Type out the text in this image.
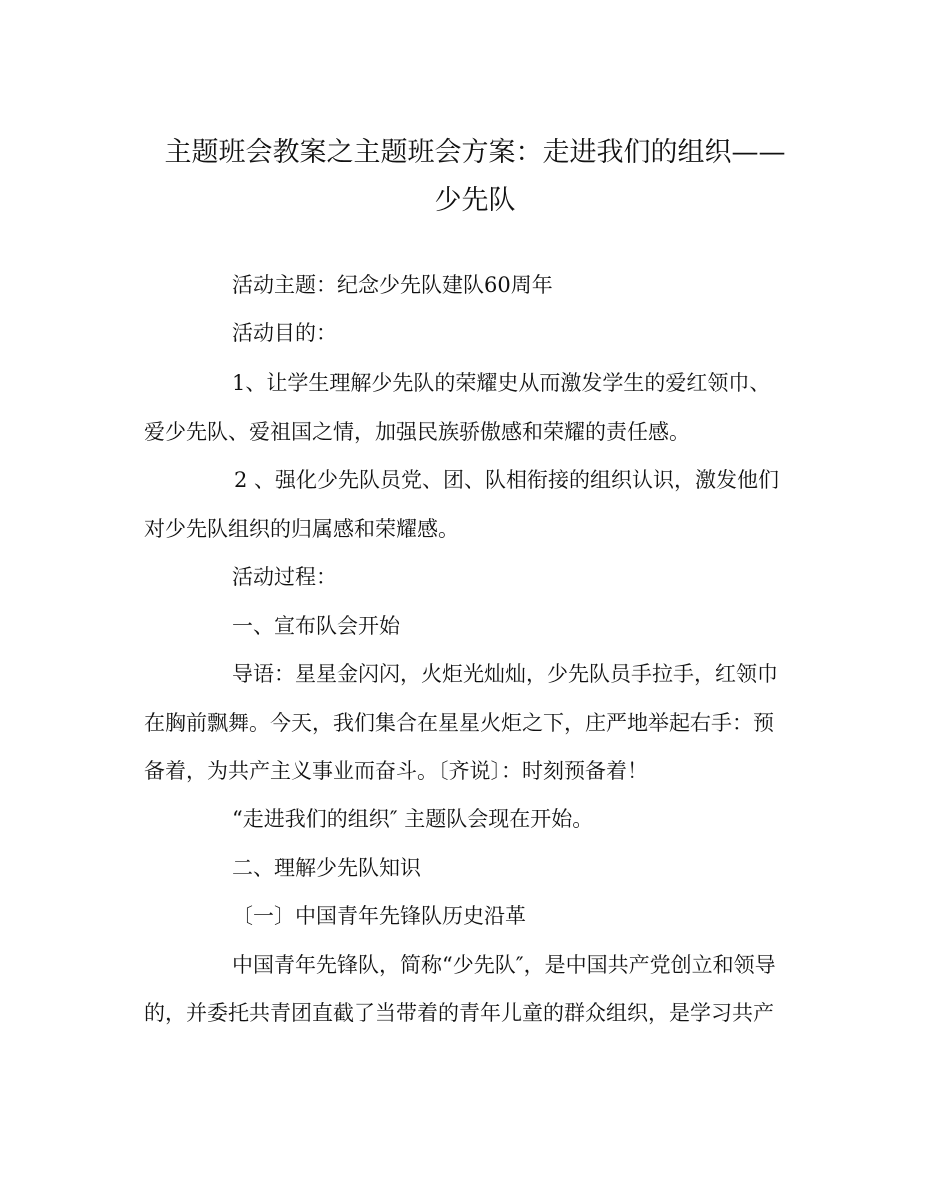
主题班会教案之主题班会方案：走进我们的组织——
少先队

活动主题：纪念少先队建队60周年

活动目的：

1、让学生理解少先队的荣耀史从而激发学生的爱红领巾、

爱少先队、爱祖国之情，加强民族骄傲感和荣耀的责任感。

2 、强化少先队员党、团、队相衔接的组织认识，激发他们

对少先队组织的归属感和荣耀感。

活动过程：

一、宣布队会开始

导语：星星金闪闪，火炬光灿灿，少先队员手拉手，红领巾

在胸前飘舞。今天，我们集合在星星火炬之下，庄严地举起右手：预

备着，为共产主义事业而奋斗。〔齐说〕：时刻预备着！

“走进我们的组织″ 主题队会现在开始。

二、理解少先队知识

〔一〕中国青年先锋队历史沿革

中国青年先锋队，简称“少先队″，是中国共产党创立和领导

的，并委托共青团直截了当带着的青年儿童的群众组织，是学习共产
